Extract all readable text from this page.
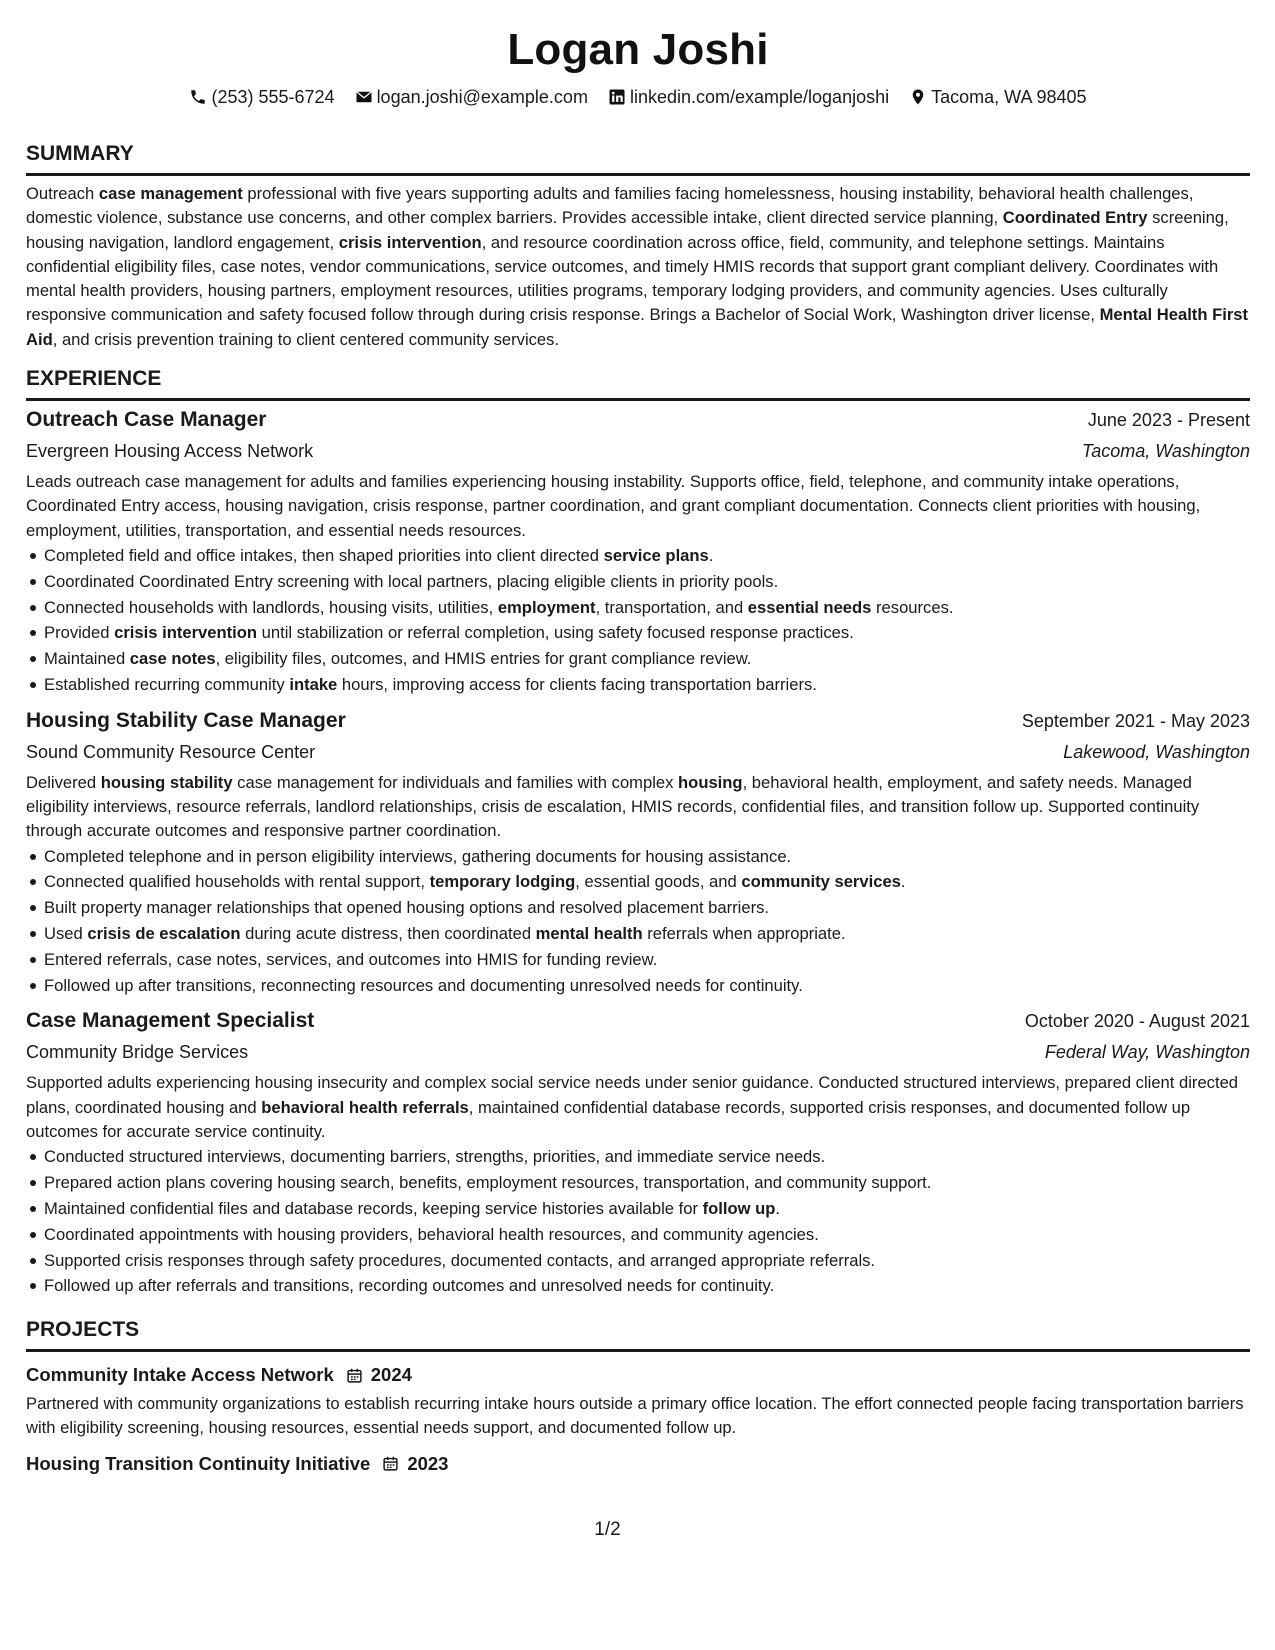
Logan Joshi
(253) 555-6724 logan.joshi@example.com linkedin.com/example/loganjoshi Tacoma, WA 98405
SUMMARY

Outreach case management professional with five years supporting adults and families facing homelessness, housing instability, behavioral health challenges, domestic violence, substance use concerns, and other complex barriers. Provides accessible intake, client directed service planning, Coordinated Entry screening, housing navigation, landlord engagement, crisis intervention, and resource coordination across office, field, community, and telephone settings. Maintains confidential eligibility files, case notes, vendor communications, service outcomes, and timely HMIS records that support grant compliant delivery. Coordinates with mental health providers, housing partners, employment resources, utilities programs, temporary lodging providers, and community agencies. Uses culturally responsive communication and safety focused follow through during crisis response. Brings a Bachelor of Social Work, Washington driver license, Mental Health First Aid, and crisis prevention training to client centered community services.

EXPERIENCE
Outreach Case Manager	June 2023 - Present
Evergreen Housing Access Network	Tacoma, Washington

Leads outreach case management for adults and families experiencing housing instability. Supports office, field, telephone, and community intake operations, Coordinated Entry access, housing navigation, crisis response, partner coordination, and grant compliant documentation. Connects client priorities with housing, employment, utilities, transportation, and essential needs resources.

Completed field and office intakes, then shaped priorities into client directed service plans.
Coordinated Coordinated Entry screening with local partners, placing eligible clients in priority pools.
Connected households with landlords, housing visits, utilities, employment, transportation, and essential needs resources.
Provided crisis intervention until stabilization or referral completion, using safety focused response practices.
Maintained case notes, eligibility files, outcomes, and HMIS entries for grant compliance review.
Established recurring community intake hours, improving access for clients facing transportation barriers.
Housing Stability Case Manager	September 2021 - May 2023
Sound Community Resource Center	Lakewood, Washington

Delivered housing stability case management for individuals and families with complex housing, behavioral health, employment, and safety needs. Managed eligibility interviews, resource referrals, landlord relationships, crisis de escalation, HMIS records, confidential files, and transition follow up. Supported continuity through accurate outcomes and responsive partner coordination.

Completed telephone and in person eligibility interviews, gathering documents for housing assistance.
Connected qualified households with rental support, temporary lodging, essential goods, and community services.
Built property manager relationships that opened housing options and resolved placement barriers.
Used crisis de escalation during acute distress, then coordinated mental health referrals when appropriate.
Entered referrals, case notes, services, and outcomes into HMIS for funding review.
Followed up after transitions, reconnecting resources and documenting unresolved needs for continuity.
Case Management Specialist	October 2020 - August 2021
Community Bridge Services	Federal Way, Washington

Supported adults experiencing housing insecurity and complex social service needs under senior guidance. Conducted structured interviews, prepared client directed plans, coordinated housing and behavioral health referrals, maintained confidential database records, supported crisis responses, and documented follow up outcomes for accurate service continuity.

Conducted structured interviews, documenting barriers, strengths, priorities, and immediate service needs.
Prepared action plans covering housing search, benefits, employment resources, transportation, and community support.
Maintained confidential files and database records, keeping service histories available for follow up.
Coordinated appointments with housing providers, behavioral health resources, and community agencies.
Supported crisis responses through safety procedures, documented contacts, and arranged appropriate referrals.
Followed up after referrals and transitions, recording outcomes and unresolved needs for continuity.
PROJECTS
Community Intake Access Network 2024

Partnered with community organizations to establish recurring intake hours outside a primary office location. The effort connected people facing transportation barriers with eligibility screening, housing resources, essential needs support, and documented follow up.

Housing Transition Continuity Initiative 2023
1/2
